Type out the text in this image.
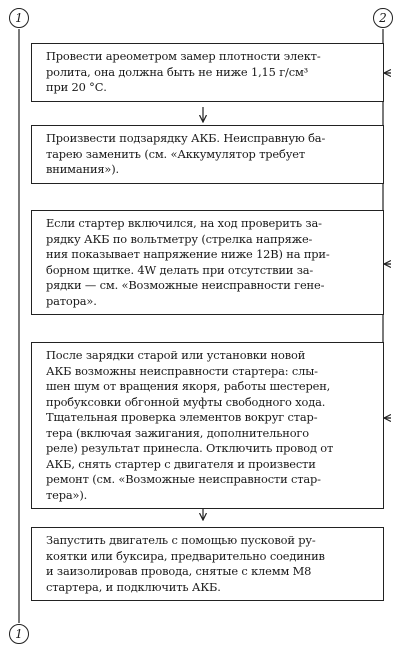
1	2
1

Провести ареометром замер плотности элект-

ролита, она должна быть не ниже 1,15 г/см³

при 20 °С.

Произвести подзарядку АКБ. Неисправную ба-

тарею заменить (см. «Аккумулятор требует

внимания»).

Если стартер включился, на ход проверить за-

рядку АКБ по вольтметру (стрелка напряже-

ния показывает напряжение ниже 12В) на при-

борном щитке. 4W делать при отсутствии за-

рядки — см. «Возможные неисправности гене-

ратора».

После зарядки старой или установки новой

АКБ возможны неисправности стартера: слы-

шен шум от вращения якоря, работы шестерен,

пробуксовки обгонной муфты свободного хода.

Тщательная проверка элементов вокруг стар-

тера (включая зажигания, дополнительного

реле) результат принесла. Отключить провод от

АКБ, снять стартер с двигателя и произвести

ремонт (см. «Возможные неисправности стар-

тера»).

Запустить двигатель с помощью пусковой ру-

коятки или буксира, предварительно соединив

и заизолировав провода, снятые с клемм М8

стартера, и подключить АКБ.
